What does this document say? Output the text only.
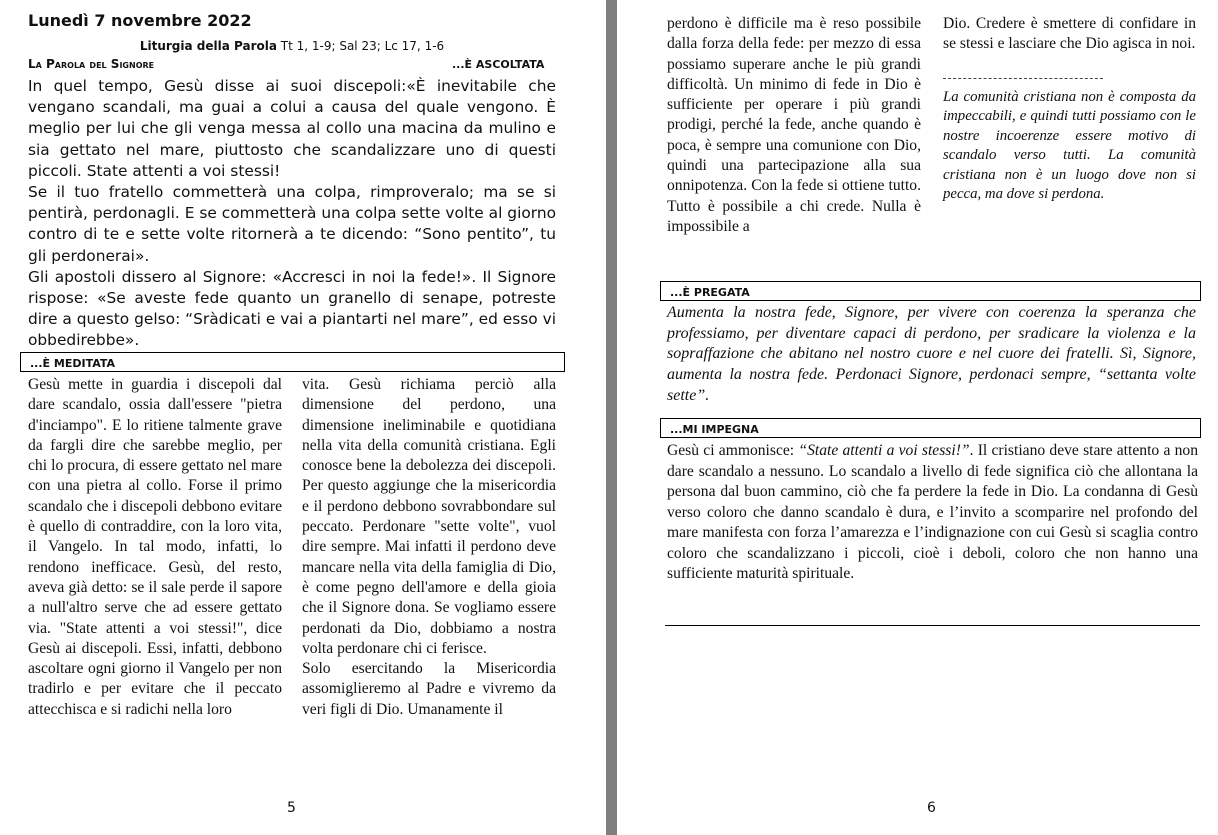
Lunedì 7 novembre 2022
Liturgia della Parola Tt 1, 1-9; Sal 23; Lc 17, 1-6
La Parola del Signore	...È ASCOLTATA

In quel tempo, Gesù disse ai suoi discepoli:«È inevitabile che vengano scandali, ma guai a colui a causa del quale vengono. È meglio per lui che gli venga messa al collo una macina da mulino e sia gettato nel mare, piuttosto che scandalizzare uno di questi piccoli. State attenti a voi stessi!

Se il tuo fratello commetterà una colpa, rimproveralo; ma se si pentirà, perdonagli. E se commetterà una colpa sette volte al giorno contro di te e sette volte ritornerà a te dicendo: “Sono pentito”, tu gli perdonerai».

Gli apostoli dissero al Signore: «Accresci in noi la fede!». Il Signore rispose: «Se aveste fede quanto un granello di senape, potreste dire a questo gelso: “Sràdicati e vai a piantarti nel mare”, ed esso vi obbedirebbe».

...È MEDITATA

Gesù mette in guardia i discepoli dal dare scandalo, ossia dall'essere "pietra d'inciampo". E lo ritiene talmente grave da fargli dire che sarebbe meglio, per chi lo procura, di essere gettato nel mare con una pietra al collo. Forse il primo scandalo che i discepoli debbono evitare è quello di contraddire, con la loro vita, il Vangelo. In tal modo, infatti, lo rendono inefficace. Gesù, del resto, aveva già detto: se il sale perde il sapore a null'altro serve che ad essere gettato via. "State attenti a voi stessi!", dice Gesù ai discepoli. Essi, infatti, debbono ascoltare ogni giorno il Vangelo per non tradirlo e per evitare che il peccato attecchisca e si radichi nella loro

vita. Gesù richiama perciò alla dimensione del perdono, una dimensione ineliminabile e quotidiana nella vita della comunità cristiana. Egli conosce bene la debolezza dei discepoli. Per questo aggiunge che la misericordia e il perdono debbono sovrabbondare sul peccato. Perdonare "sette volte", vuol dire sempre. Mai infatti il perdono deve mancare nella vita della famiglia di Dio, è come pegno dell'amore e della gioia che il Signore dona. Se vogliamo essere perdonati da Dio, dobbiamo a nostra volta perdonare chi ci ferisce.

Solo esercitando la Misericordia assomiglieremo al Padre e vivremo da veri figli di Dio. Umanamente il

5

perdono è difficile ma è reso possibile dalla forza della fede: per mezzo di essa possiamo superare anche le più grandi difficoltà. Un minimo di fede in Dio è sufficiente per operare i più grandi prodigi, perché la fede, anche quando è poca, è sempre una comunione con Dio, quindi una partecipazione alla sua onnipotenza. Con la fede si ottiene tutto. Tutto è possibile a chi crede. Nulla è impossibile a

Dio. Credere è smettere di confidare in se stessi e lasciare che Dio agisca in noi.

La comunità cristiana non è composta da impeccabili, e quindi tutti possiamo con le nostre incoerenze essere motivo di scandalo verso tutti. La comunità cristiana non è un luogo dove non si pecca, ma dove si perdona.

...È PREGATA

Aumenta la nostra fede, Signore, per vivere con coerenza la speranza che professiamo, per diventare capaci di perdono, per sradicare la violenza e la sopraffazione che abitano nel nostro cuore e nel cuore dei fratelli. Sì, Signore, aumenta la nostra fede. Perdonaci Signore, perdonaci sempre, “settanta volte sette”.

...MI IMPEGNA

Gesù ci ammonisce: “State attenti a voi stessi!”. Il cristiano deve stare attento a non dare scandalo a nessuno. Lo scandalo a livello di fede significa ciò che allontana la persona dal buon cammino, ciò che fa perdere la fede in Dio. La condanna di Gesù verso coloro che danno scandalo è dura, e l’invito a scomparire nel profondo del mare manifesta con forza l’amarezza e l’indignazione con cui Gesù si scaglia contro coloro che scandalizzano i piccoli, cioè i deboli, coloro che non hanno una sufficiente maturità spirituale.

6
